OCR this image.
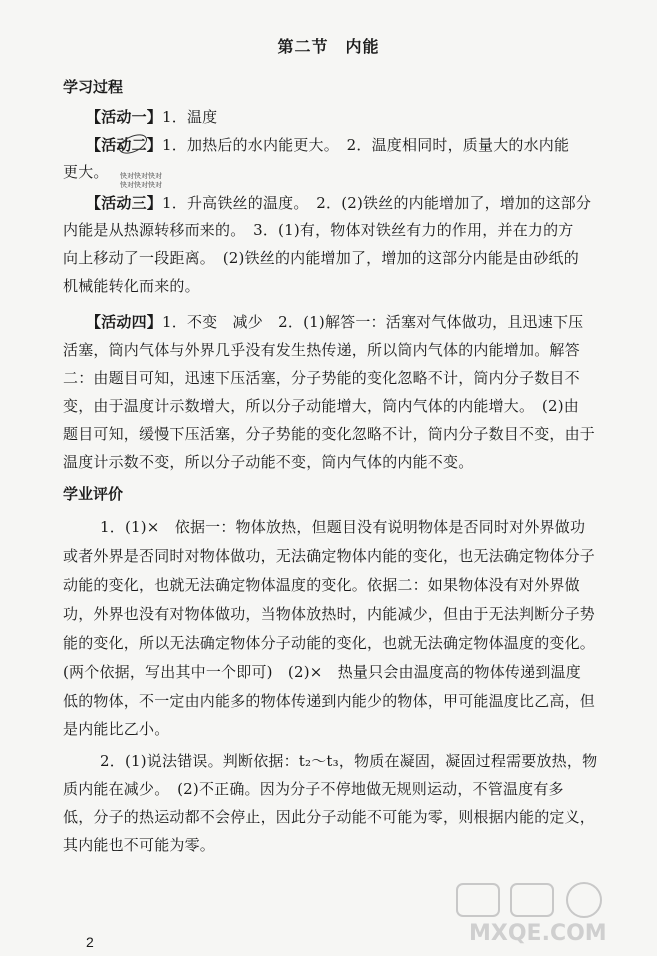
第二节　内能
学习过程
【活动一】1．温度
【活动二】1．加热后的水内能更大。　2．温度相同时，质量大的水内能
更大。 快对快对快对
快对快对快对
【活动三】1．升高铁丝的温度。　2．(2)铁丝的内能增加了，增加的这部分
内能是从热源转移而来的。　3．(1)有，物体对铁丝有力的作用，并在力的方
向上移动了一段距离。　(2)铁丝的内能增加了，增加的这部分内能是由砂纸的
机械能转化而来的。
【活动四】1．不变　减少　2．(1)解答一：活塞对气体做功，且迅速下压
活塞，筒内气体与外界几乎没有发生热传递，所以筒内气体的内能增加。解答
二：由题目可知，迅速下压活塞，分子势能的变化忽略不计，筒内分子数目不
变，由于温度计示数增大，所以分子动能增大，筒内气体的内能增大。　(2)由
题目可知，缓慢下压活塞，分子势能的变化忽略不计，筒内分子数目不变，由于
温度计示数不变，所以分子动能不变，筒内气体的内能不变。
学业评价
1．(1)×　依据一：物体放热，但题目没有说明物体是否同时对外界做功
或者外界是否同时对物体做功，无法确定物体内能的变化，也无法确定物体分子
动能的变化，也就无法确定物体温度的变化。依据二：如果物体没有对外界做
功，外界也没有对物体做功，当物体放热时，内能减少，但由于无法判断分子势
能的变化，所以无法确定物体分子动能的变化，也就无法确定物体温度的变化。
(两个依据，写出其中一个即可)　(2)×　热量只会由温度高的物体传递到温度
低的物体，不一定由内能多的物体传递到内能少的物体，甲可能温度比乙高，但
是内能比乙小。
2．(1)说法错误。判断依据：t₂～t₃，物质在凝固，凝固过程需要放热，物
质内能在减少。　(2)不正确。因为分子不停地做无规则运动，不管温度有多
低，分子的热运动都不会停止，因此分子动能不可能为零，则根据内能的定义，
其内能也不可能为零。
MXQE.COM
2
